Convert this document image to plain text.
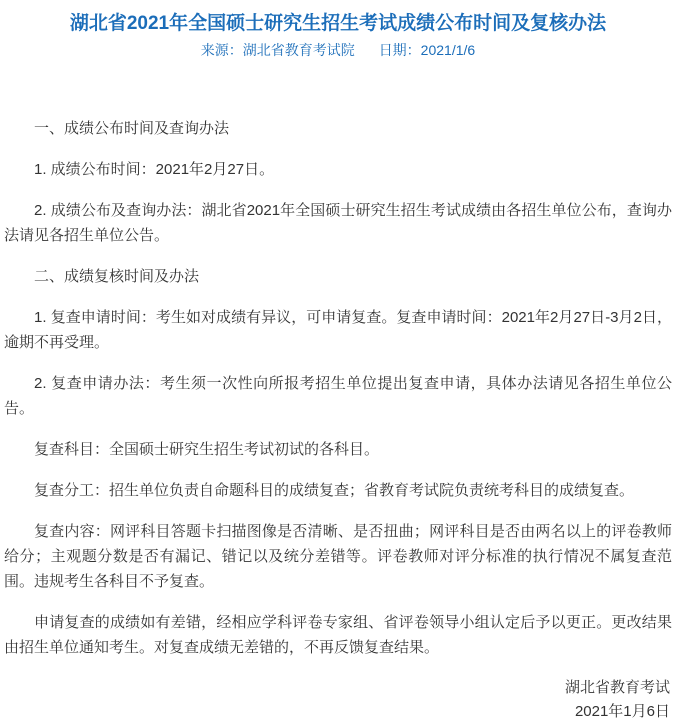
湖北省2021年全国硕士研究生招生考试成绩公布时间及复核办法
来源：湖北省教育考试院 日期：2021/1/6

一、成绩公布时间及查询办法

1. 成绩公布时间：2021年2月27日。

2. 成绩公布及查询办法：湖北省2021年全国硕士研究生招生考试成绩由各招生单位公布，查询办法请见各招生单位公告。

二、成绩复核时间及办法

1. 复查申请时间：考生如对成绩有异议，可申请复查。复查申请时间：2021年2月27日-3月2日，逾期不再受理。

2. 复查申请办法：考生须一次性向所报考招生单位提出复查申请，具体办法请见各招生单位公告。

复查科目：全国硕士研究生招生考试初试的各科目。

复查分工：招生单位负责自命题科目的成绩复查；省教育考试院负责统考科目的成绩复查。

复查内容：网评科目答题卡扫描图像是否清晰、是否扭曲；网评科目是否由两名以上的评卷教师给分；主观题分数是否有漏记、错记以及统分差错等。评卷教师对评分标准的执行情况不属复查范围。违规考生各科目不予复查。

申请复查的成绩如有差错，经相应学科评卷专家组、省评卷领导小组认定后予以更正。更改结果由招生单位通知考生。对复查成绩无差错的，不再反馈复查结果。

湖北省教育考试
2021年1月6日
